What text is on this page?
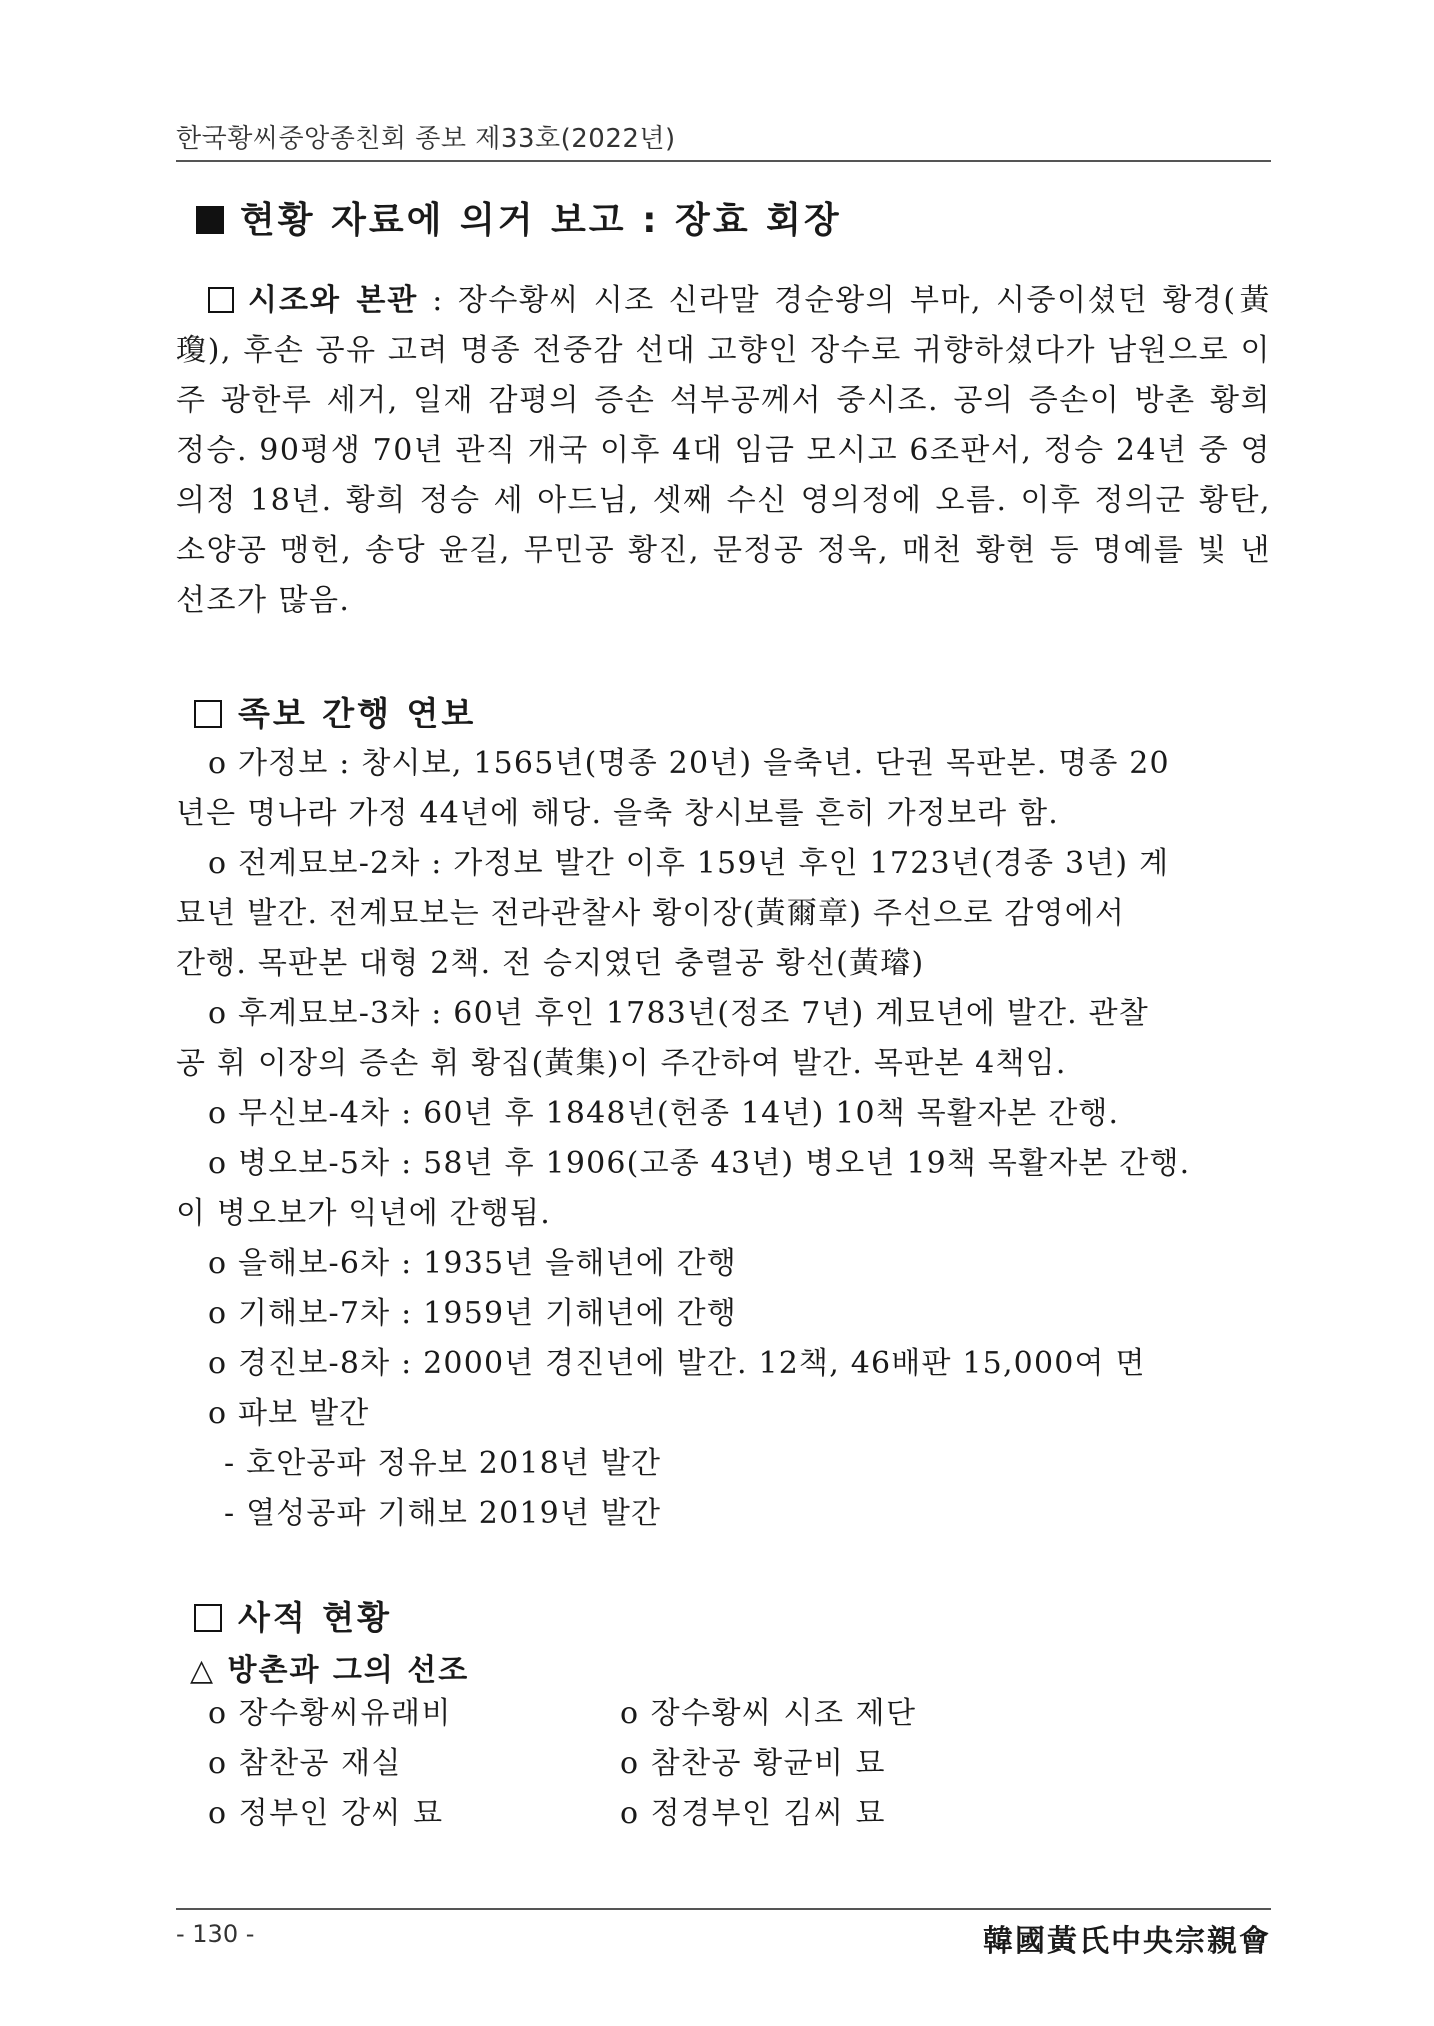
한국황씨중앙종친회 종보 제33호(2022년)
현황 자료에 의거 보고 : 장효 회장
시조와 본관 : 장수황씨 시조 신라말 경순왕의 부마, 시중이셨던 황경(黃瓊), 후손 공유 고려 명종 전중감 선대 고향인 장수로 귀향하셨다가 남원으로 이주 광한루 세거, 일재 감평의 증손 석부공께서 중시조. 공의 증손이 방촌 황희 정승. 90평생 70년 관직 개국 이후 4대 임금 모시고 6조판서, 정승 24년 중 영의정 18년. 황희 정승 세 아드님, 셋째 수신 영의정에 오름. 이후 정의군 황탄, 소양공 맹헌, 송당 윤길, 무민공 황진, 문정공 정욱, 매천 황현 등 명예를 빛 낸 선조가 많음.
족보 간행 연보
o 가정보 : 창시보, 1565년(명종 20년) 을축년. 단권 목판본. 명종 20
년은 명나라 가정 44년에 해당. 을축 창시보를 흔히 가정보라 함.
o 전계묘보-2차 : 가정보 발간 이후 159년 후인 1723년(경종 3년) 계
묘년 발간. 전계묘보는 전라관찰사 황이장(黃爾章) 주선으로 감영에서
간행. 목판본 대형 2책. 전 승지였던 충렬공 황선(黃璿)
o 후계묘보-3차 : 60년 후인 1783년(정조 7년) 계묘년에 발간. 관찰
공 휘 이장의 증손 휘 황집(黃集)이 주간하여 발간. 목판본 4책임.
o 무신보-4차 : 60년 후 1848년(헌종 14년) 10책 목활자본 간행.
o 병오보-5차 : 58년 후 1906(고종 43년) 병오년 19책 목활자본 간행.
이 병오보가 익년에 간행됨.
o 을해보-6차 : 1935년 을해년에 간행
o 기해보-7차 : 1959년 기해년에 간행
o 경진보-8차 : 2000년 경진년에 발간. 12책, 46배판 15,000여 면
o 파보 발간
- 호안공파 정유보 2018년 발간
- 열성공파 기해보 2019년 발간
사적 현황
△ 방촌과 그의 선조
o 장수황씨유래비	o 장수황씨 시조 제단
o 참찬공 재실	o 참찬공 황균비 묘
o 정부인 강씨 묘	o 정경부인 김씨 묘
- 130 -	韓國黃氏中央宗親會
